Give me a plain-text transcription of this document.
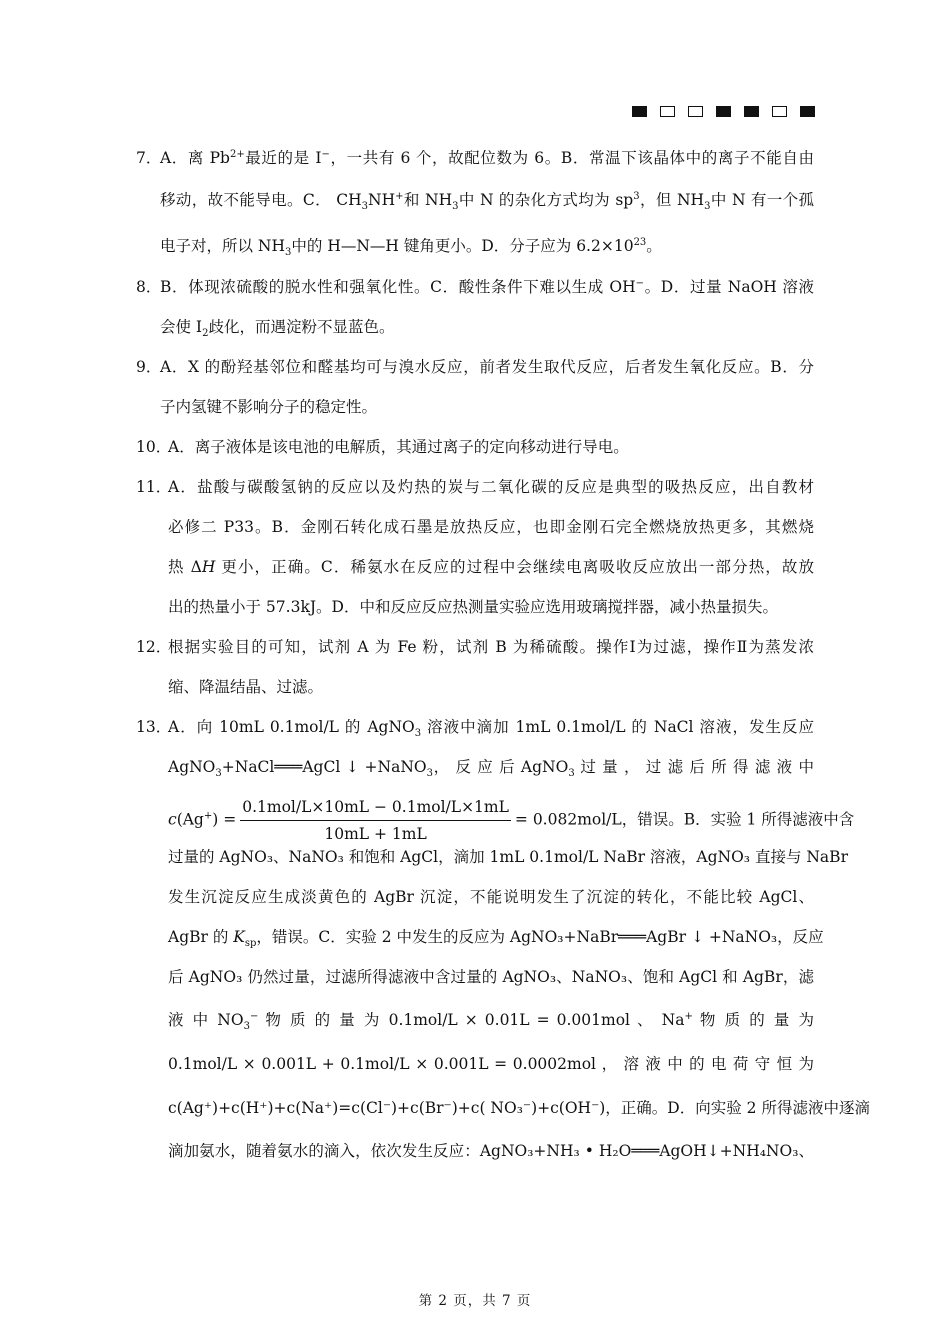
7．
A．离 $Pb^{2+}$最近的是 I−，一共有 6 个，故配位数为 6。B．常温下该晶体中的离子不能自由
移动，故不能导电。C． $CH_3NH^+$和 $NH_3$中 N 的杂化方式均为 $sp^3$，但 $NH_3$中 N 有一个孤
电子对，所以 $NH_3$中的 H—N—H 键角更小。D．分子应为 $6.2\times 10^{23}$。
8．
B．体现浓硫酸的脱水性和强氧化性。C．酸性条件下难以生成 OH−。D．过量 NaOH 溶液
会使 $I_2$歧化，而遇淀粉不显蓝色。
9．
A．X 的酚羟基邻位和醛基均可与溴水反应，前者发生取代反应，后者发生氧化反应。B．分
子内氢键不影响分子的稳定性。
10．
A．离子液体是该电池的电解质，其通过离子的定向移动进行导电。
11．
A．盐酸与碳酸氢钠的反应以及灼热的炭与二氧化碳的反应是典型的吸热反应，出自教材
必修二 P33。B．金刚石转化成石墨是放热反应，也即金刚石完全燃烧放热更多，其燃烧
热 ΔH 更小，正确。C．稀氨水在反应的过程中会继续电离吸收反应放出一部分热，故放
出的热量小于 57.3kJ。D．中和反应反应热测量实验应选用玻璃搅拌器，减小热量损失。
12．
根据实验目的可知，试剂 A 为 Fe 粉，试剂 B 为稀硫酸。操作Ⅰ为过滤，操作Ⅱ为蒸发浓
缩、降温结晶、过滤。
13．
A．向 10mL 0.1mol/L 的 AgNO$_3$ 溶液中滴加 1mL 0.1mol/L 的 NaCl 溶液，发生反应
AgNO$_3$+NaCl═══AgCl ↓ +NaNO$_3$， 反 应 后 AgNO$_3$ 过 量 ， 过 滤 后 所 得 滤 液 中
$c(Ag^+) = \frac{\text{0.1mol/L×10mL − 0.1mol/L×1mL}}{10mL + 1mL} = 0.082mol/L$，错误。B．实验 1 所得滤液中含
过量的 AgNO₃、NaNO₃ 和饱和 AgCl，滴加 1mL 0.1mol/L NaBr 溶液，AgNO₃ 直接与 NaBr
发生沉淀反应生成淡黄色的 AgBr 沉淀，不能说明发生了沉淀的转化，不能比较 AgCl、
AgBr 的 $K_{sp}$，错误。C．实验 2 中发生的反应为 AgNO₃+NaBr═══AgBr ↓ +NaNO₃，反应
后 AgNO₃ 仍然过量，过滤所得滤液中含过量的 AgNO₃、NaNO₃、饱和 AgCl 和 AgBr，滤
液 中 $NO_3^-$ 物 质 的 量 为 0.1mol/L × 0.01L = 0.001mol 、 Na+ 物 质 的 量 为
0.1mol/L × 0.001L + 0.1mol/L × 0.001L = 0.0002mol ， 溶 液 中 的 电 荷 守 恒 为
c(Ag⁺)+c(H⁺)+c(Na⁺)=c(Cl⁻)+c(Br⁻)+c( NO₃⁻)+c(OH⁻)，正确。D．向实验 2 所得滤液中逐滴
滴加氨水，随着氨水的滴入，依次发生反应：AgNO₃+NH₃ • H₂O═══AgOH↓+NH₄NO₃、
第 2 页，共 7 页
